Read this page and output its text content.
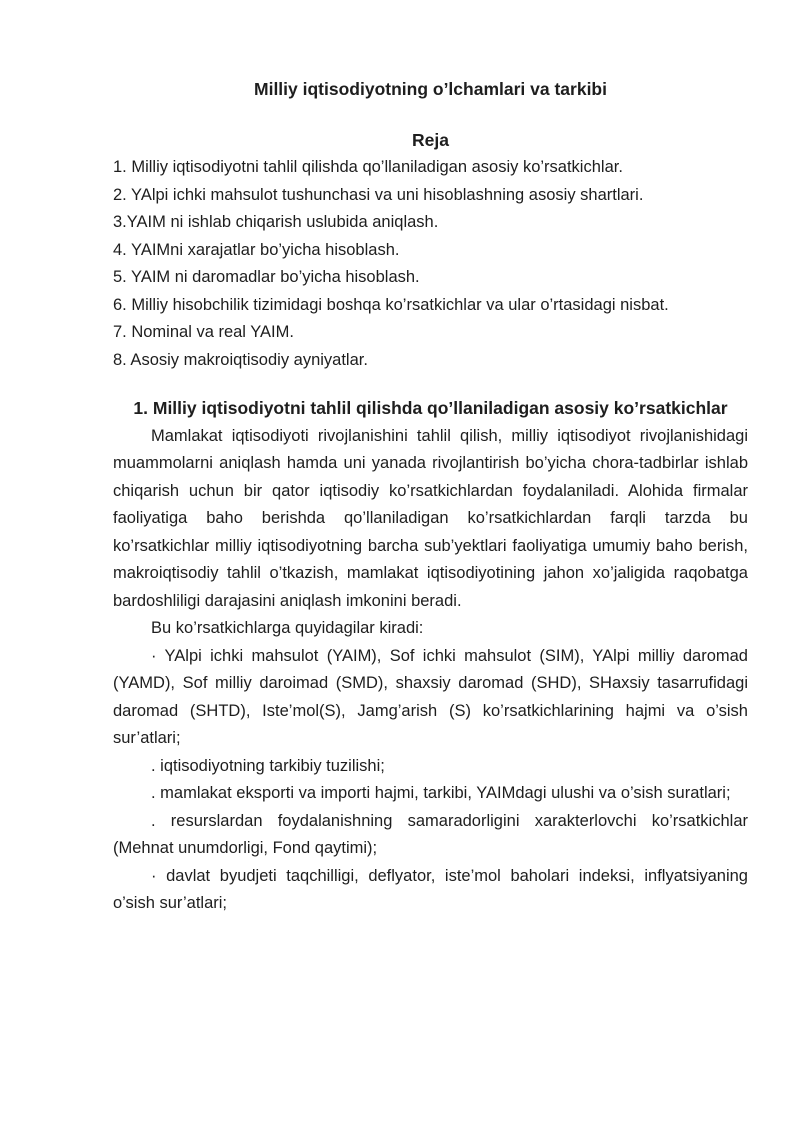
Milliy iqtisodiyotning o’lchamlari va tarkibi
Reja
1. Milliy iqtisodiyotni tahlil qilishda qo’llaniladigan asosiy ko’rsatkichlar.
2. YAlpi ichki mahsulot tushunchasi va uni hisoblashning asosiy shartlari.
3.YAIM ni ishlab chiqarish uslubida aniqlash.
4. YAIMni xarajatlar bo’yicha hisoblash.
5. YAIM ni daromadlar bo’yicha hisoblash.
6. Milliy hisobchilik tizimidagi boshqa ko’rsatkichlar va ular o’rtasidagi nisbat.
7. Nominal va real YAIM.
8. Asosiy makroiqtisodiy ayniyatlar.
1. Milliy iqtisodiyotni tahlil qilishda qo’llaniladigan asosiy ko’rsatkichlar

Mamlakat iqtisodiyoti rivojlanishini tahlil qilish, milliy iqtisodiyot rivojlanishidagi muammolarni aniqlash hamda uni yanada rivojlantirish bo’yicha chora-tadbirlar ishlab chiqarish uchun bir qator iqtisodiy ko’rsatkichlardan foydalaniladi. Alohida firmalar faoliyatiga baho berishda qo’llaniladigan ko’rsatkichlardan farqli tarzda bu ko’rsatkichlar milliy iqtisodiyotning barcha sub’yektlari faoliyatiga umumiy baho berish, makroiqtisodiy tahlil o’tkazish, mamlakat iqtisodiyotining jahon xo’jaligida raqobatga bardoshliligi darajasini aniqlash imkonini beradi.

Bu ko’rsatkichlarga quyidagilar kiradi:

· YAlpi ichki mahsulot (YAIM), Sof ichki mahsulot (SIM), YAlpi milliy daromad (YAMD), Sof milliy daroimad (SMD), shaxsiy daromad (SHD), SHaxsiy tasarrufidagi daromad (SHTD), Iste’mol(S), Jamg’arish (S) ko’rsatkichlarining hajmi va o’sish sur’atlari;

. iqtisodiyotning tarkibiy tuzilishi;

. mamlakat eksporti va importi hajmi, tarkibi, YAIMdagi ulushi va o’sish suratlari;

. resurslardan foydalanishning samaradorligini xarakterlovchi ko’rsatkichlar (Mehnat unumdorligi, Fond qaytimi);

· davlat byudjeti taqchilligi, deflyator, iste’mol baholari indeksi, inflyatsiyaning o’sish sur’atlari;
